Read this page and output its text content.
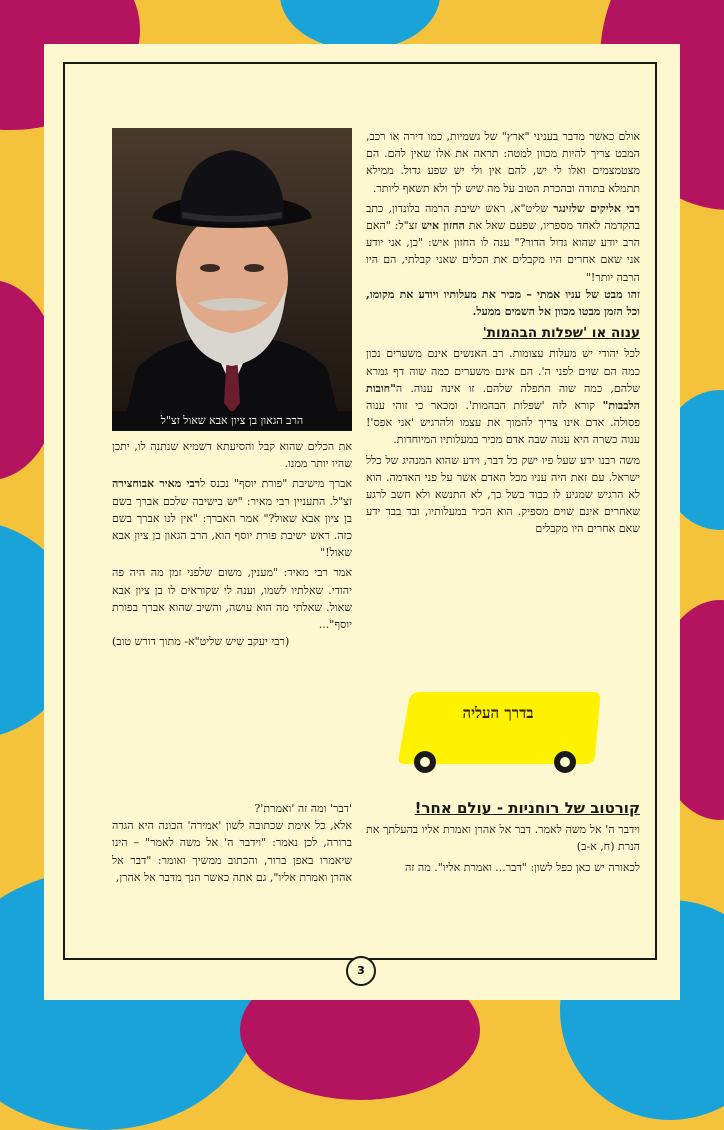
אולם כאשר מדבר בעניני "ארץ" של גשמיות, כמו דירה או רכב, המבט צריך להיות מכוון למטה: תראה את אלו שאין להם. הם מצטמצמים ואלו לי יש, להם אין ולי יש שפע גדול. ממילא תתמלא בתודה ובהכרת הטוב על מה שיש לך ולא תשאף ליותר.

רבי אליקים שלזינגר שליט"א, ראש ישיבת הרמה בלונדון, כתב בהקדמה לאחד מספריו, שפעם שאל את החזון איש זצ"ל: "האם הרב יודע שהוא גדול הדור?" ענה לו החזון איש: "כן, אני יודע אני שאם אחרים היו מקבלים את הכלים שאני קבלתי, הם היו הרבה יותר!"

זהו מבט של עניו אמתי – מכיר את מעלותיו ויודע את מקומו, וכל הזמן מבטו מכוון אל השמים ממעל.

ענוה או 'שפלות הבהמות'

לכל יהודי יש מעלות עצומות. רב האנשים אינם משערים נכון כמה הם שוים לפני ה'. הם אינם משערים כמה שוה דף גמרא שלהם, כמה שוה התפלה שלהם. זו אינה ענוה. ה"חובות הלבבות" קורא לזה 'שפלות הבהמות'. ומכאר כי זוהי ענוה פסולה. אדם אינו צריך להמוך את עצמו ולהרגיש 'אני אפס'! ענוה כשרה היא ענוה שבה אדם מכיר במעלותיו המיוחדות.

משה רבנו ידע שעל פיו ישק כל דבר, וידע שהוא המנהיג של כלל ישראל. עם זאת היה עניו מכל האדם אשר על פני האדמה. הוא לא הרגיש שמגיע לו כבוד בשל כך, לא התנשא ולא חשב לרגע שאחרים אינם שוים מספיק. הוא הכיר במעלותיו, ובד בבד ידע שאם אחרים היו מקבלים

הרב הגאון בן ציון אבא שאול זצ"ל

את הכלים שהוא קבל והסיעתא דשמיא שנתנה לו, יתכן שהיו יותר ממנו.

אברך מישיבת "פורת יוסף" נכנס לרבי מאיר אבוחצירה זצ"ל. התעניין רבי מאיר: "יש בישיבה שלכם אברך בשם בן ציון אבא שאול?" אמר האברך: "אין לנו אברך בשם כזה. ראש ישיבת פורת יוסף הוא, הרב הגאון בן ציון אבא שאול!"

אמר רבי מאיר: "מענין, משום שלפני זמן מה היה פה יהודי. שאלתיו לשמו, וענה לי שקוראים לו בן ציון אבא שאול. שאלתי מה הוא עושה, והשיב שהוא אברך בפורת יוסף"...

(רבי יעקב שיש שליט"א- מתוך דורש טוב)

בדרך העליה
קורטוב של רוחניות - עולם אחר!

וידבר ה' אל משה לאמר. דבר אל אהרן ואמרת אליו בהעלתך את הנרת (ח, א-ב)

לכאורה יש כאן כפל לשון: "דבר... ואמרת אליו". מה זה

'דבר' ומה זה 'ואמרת'?

אלא, כל אימת שכתובה לשון 'אמירה' הכונה היא הגדה ברורה, לכן נאמר: "וידבר ה' אל משה לאמר" – הינו שיאמרו באפן ברור, והכתוב ממשיך ואומר: "דבר אל אהרן ואמרת אליו", גם אתה כאשר הנך מדבר אל אהרן,

3
